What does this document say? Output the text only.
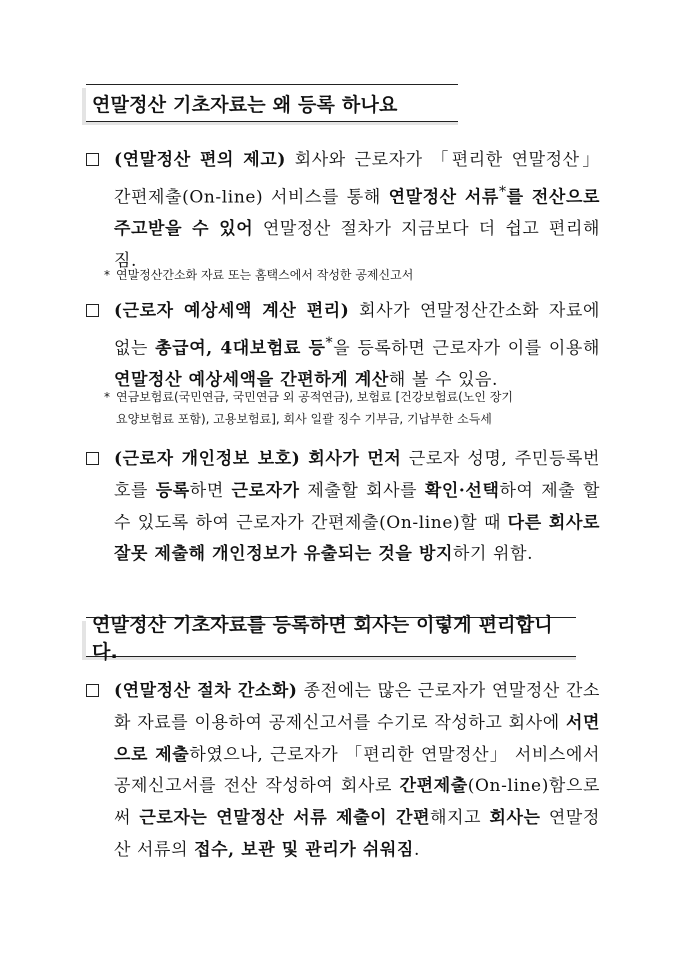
연말정산 기초자료는 왜 등록 하나요

(연말정산 편의 제고) 회사와 근로자가 「편리한 연말정산」 간편제출(On-line) 서비스를 통해 연말정산 서류*를 전산으로 주고받을 수 있어 연말정산 절차가 지금보다 더 쉽고 편리해 짐.

* 연말정산간소화 자료 또는 홈택스에서 작성한 공제신고서

(근로자 예상세액 계산 편리) 회사가 연말정산간소화 자료에 없는 총급여, 4대보험료 등*을 등록하면 근로자가 이를 이용해 연말정산 예상세액을 간편하게 계산해 볼 수 있음.

* 연금보험료(국민연금, 국민연금 외 공적연금), 보험료 [건강보험료(노인 장기
요양보험료 포함), 고용보험료], 회사 일괄 징수 기부금, 기납부한 소득세

(근로자 개인정보 보호) 회사가 먼저 근로자 성명, 주민등록번호를 등록하면 근로자가 제출할 회사를 확인·선택하여 제출 할 수 있도록 하여 근로자가 간편제출(On-line)할 때 다른 회사로 잘못 제출해 개인정보가 유출되는 것을 방지하기 위함.

연말정산 기초자료를 등록하면 회사는 이렇게 편리합니다.

(연말정산 절차 간소화) 종전에는 많은 근로자가 연말정산 간소화 자료를 이용하여 공제신고서를 수기로 작성하고 회사에 서면으로 제출하였으나, 근로자가 「편리한 연말정산」 서비스에서 공제신고서를 전산 작성하여 회사로 간편제출(On-line)함으로써 근로자는 연말정산 서류 제출이 간편해지고 회사는 연말정산 서류의 접수, 보관 및 관리가 쉬워짐.
